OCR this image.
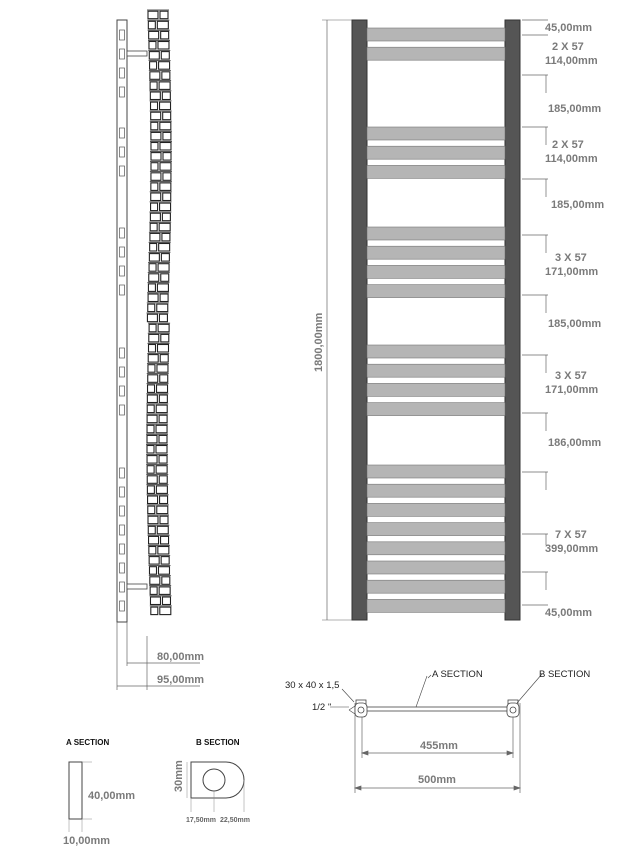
80,00mm
95,00mm
1800,00mm
45,00mm
2 X 57
114,00mm
185,00mm
2 X 57
114,00mm
185,00mm
3 X 57
171,00mm
185,00mm
3 X 57
171,00mm
186,00mm
7 X 57
399,00mm
45,00mm
30 x 40 x 1,5
1/2 ''
A SECTION	B SECTION
455mm
500mm
A SECTION
40,00mm
10,00mm
B SECTION
30mm
17,50mm 22,50mm
